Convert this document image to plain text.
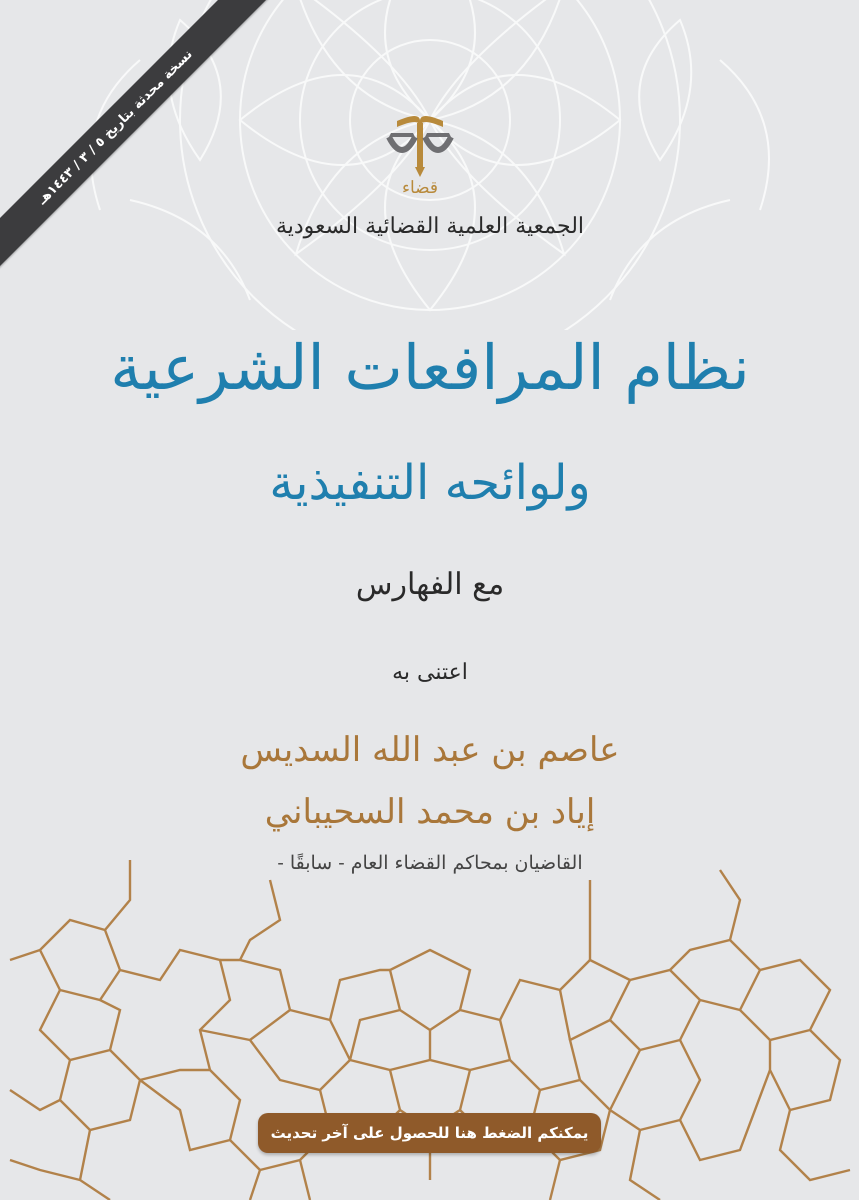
نسخة محدثة بتاريخ ٥ / ٣ / ١٤٤٣هـ
قضاء
الجمعية العلمية القضائية السعودية
نظام المرافعات الشرعية
ولوائحه التنفيذية
مع الفهارس
اعتنى به
عاصم بن عبد الله السديس
إياد بن محمد السحيباني
القاضيان بمحاكم القضاء العام - سابقًا -
يمكنكم الضغط هنا للحصول على آخر تحديث
